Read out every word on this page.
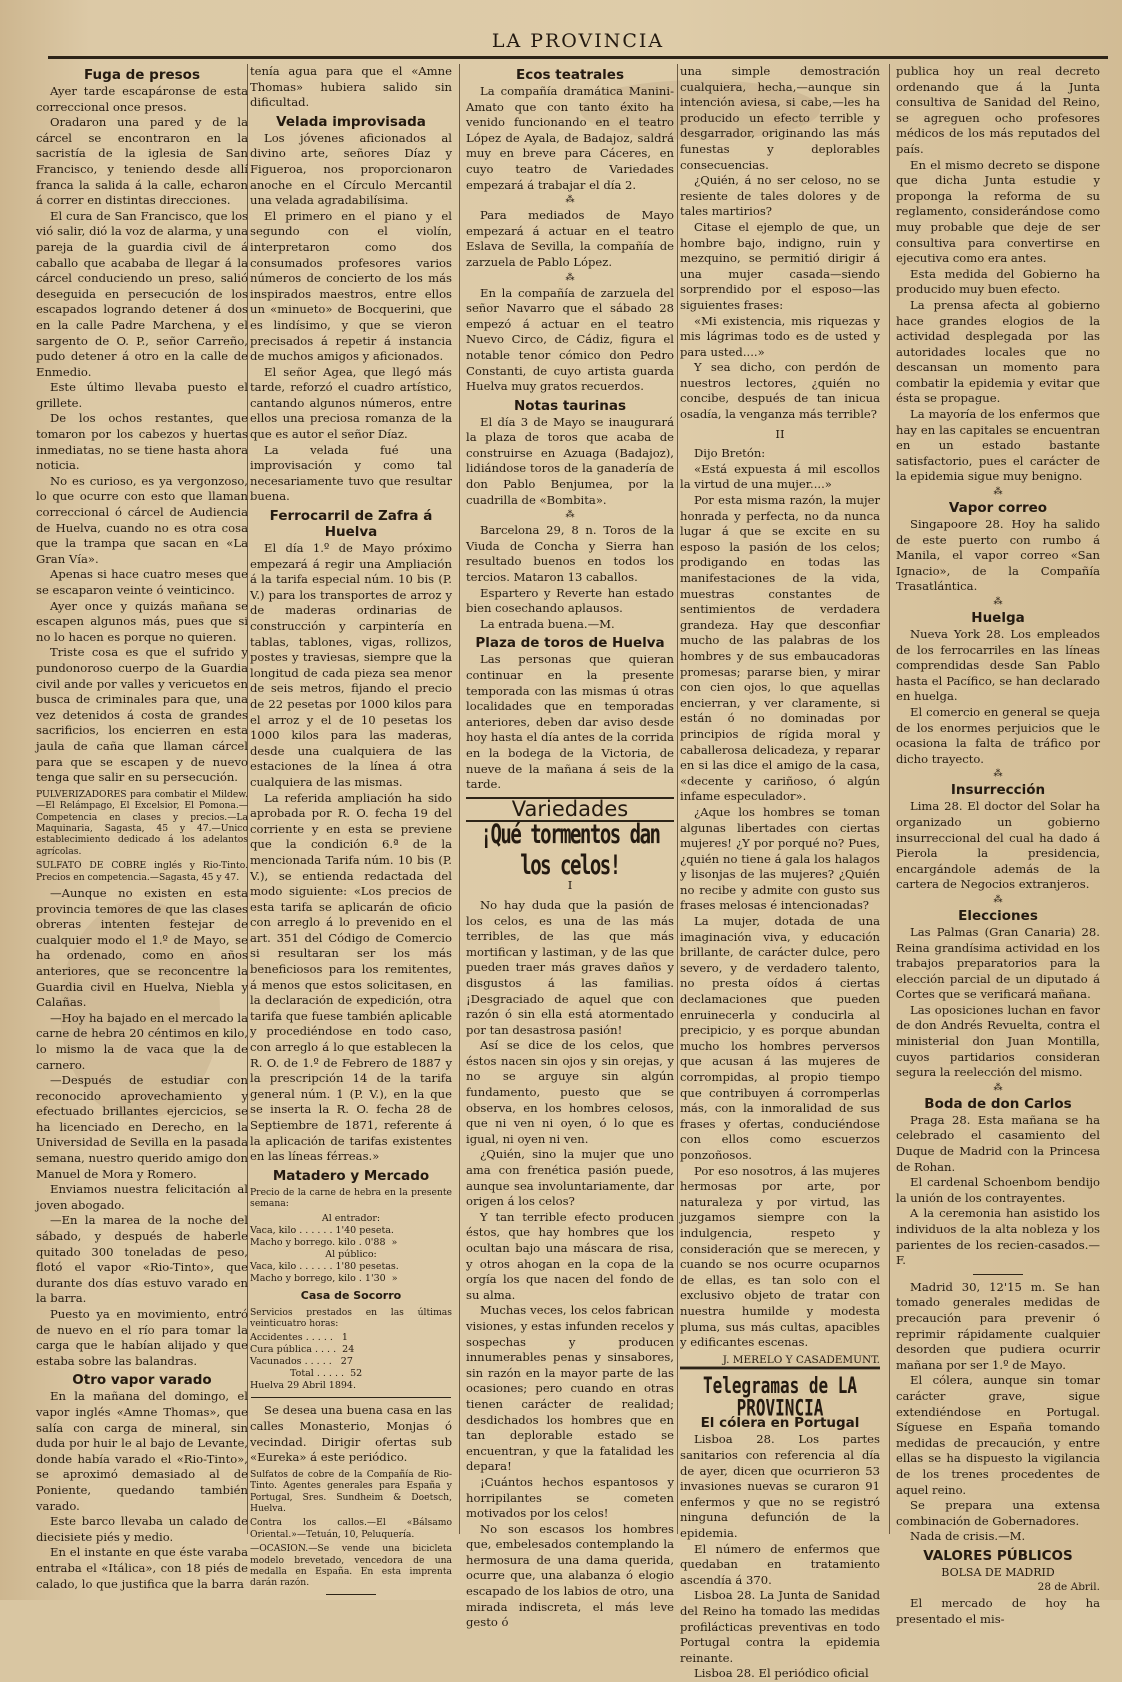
LA PROVINCIA
Fuga de presos

Ayer tarde escapáronse de esta correccional once presos.

Oradaron una pared y de la cárcel se encontraron en la sacristía de la iglesia de San Francisco, y teniendo desde allí franca la salida á la calle, echaron á correr en distintas direcciones.

El cura de San Francisco, que los vió salir, dió la voz de alarma, y una pareja de la guardia civil de á caballo que acababa de llegar á la cárcel conduciendo un preso, salió deseguida en persecución de los escapados logrando detener á dos en la calle Padre Marchena, y el sargento de O. P., señor Carreño, pudo detener á otro en la calle de Enmedio.

Este último llevaba puesto el grillete.

De los ochos restantes, que tomaron por los cabezos y huertas inmediatas, no se tiene hasta ahora noticia.

No es curioso, es ya vergonzoso, lo que ocurre con esto que llaman correccional ó cárcel de Audiencia de Huelva, cuando no es otra cosa que la trampa que sacan en «La Gran Vía».

Apenas si hace cuatro meses que se escaparon veinte ó veinticinco.

Ayer once y quizás mañana se escapen algunos más, pues que si no lo hacen es porque no quieren.

Triste cosa es que el sufrido y pundonoroso cuerpo de la Guardia civil ande por valles y vericuetos en busca de criminales para que, una vez detenidos á costa de grandes sacrificios, los encierren en esta jaula de caña que llaman cárcel para que se escapen y de nuevo tenga que salir en su persecución.

PULVERIZADORES para combatir el Mildew.—El Relámpago, El Excelsior, El Pomona.—Competencia en clases y precios.—La Maquinaria, Sagasta, 45 y 47.—Unico establecimiento dedicado á los adelantos agrícolas.

SULFATO DE COBRE inglés y Rio-Tinto. Precios en competencia.—Sagasta, 45 y 47.

—Aunque no existen en esta provincia temores de que las clases obreras intenten festejar de cualquier modo el 1.º de Mayo, se ha ordenado, como en años anteriores, que se reconcentre la Guardia civil en Huelva, Niebla y Calañas.

—Hoy ha bajado en el mercado la carne de hebra 20 céntimos en kilo, lo mismo la de vaca que la de carnero.

—Después de estudiar con reconocido aprovechamiento y efectuado brillantes ejercicios, se ha licenciado en Derecho, en la Universidad de Sevilla en la pasada semana, nuestro querido amigo don Manuel de Mora y Romero.

Enviamos nuestra felicitación al joven abogado.

—En la marea de la noche del sábado, y después de haberle quitado 300 toneladas de peso, flotó el vapor «Rio-Tinto», que durante dos días estuvo varado en la barra.

Puesto ya en movimiento, entró de nuevo en el río para tomar la carga que le habían alijado y que estaba sobre las balandras.

Otro vapor varado

En la mañana del domingo, el vapor inglés «Amne Thomas», que salía con carga de mineral, sin duda por huir le al bajo de Levante, donde había varado el «Rio-Tinto», se aproximó demasiado al de Poniente, quedando también varado.

Este barco llevaba un calado de diecisiete piés y medio.

En el instante en que éste varaba entraba el «Itálica», con 18 piés de calado, lo que justifica que la barra

tenía agua para que el «Amne Thomas» hubiera salido sin dificultad.

Velada improvisada

Los jóvenes aficionados al divino arte, señores Díaz y Figueroa, nos proporcionaron anoche en el Círculo Mercantil una velada agradabilísima.

El primero en el piano y el segundo con el violín, interpretaron como dos consumados profesores varios números de concierto de los más inspirados maestros, entre ellos un «minueto» de Bocquerini, que es lindísimo, y que se vieron precisados á repetir á instancia de muchos amigos y aficionados.

El señor Agea, que llegó más tarde, reforzó el cuadro artístico, cantando algunos números, entre ellos una preciosa romanza de la que es autor el señor Díaz.

La velada fué una improvisación y como tal necesariamente tuvo que resultar buena.

Ferrocarril de Zafra á Huelva

El día 1.º de Mayo próximo empezará á regir una Ampliación á la tarifa especial núm. 10 bis (P. V.) para los transportes de arroz y de maderas ordinarias de construcción y carpintería en tablas, tablones, vigas, rollizos, postes y traviesas, siempre que la longitud de cada pieza sea menor de seis metros, fijando el precio de 22 pesetas por 1000 kilos para el arroz y el de 10 pesetas los 1000 kilos para las maderas, desde una cualquiera de las estaciones de la línea á otra cualquiera de las mismas.

La referida ampliación ha sido aprobada por R. O. fecha 19 del corriente y en esta se previene que la condición 6.ª de la mencionada Tarifa núm. 10 bis (P. V.), se entienda redactada del modo siguiente: «Los precios de esta tarifa se aplicarán de oficio con arreglo á lo prevenido en el art. 351 del Código de Comercio si resultaran ser los más beneficiosos para los remitentes, á menos que estos solicitasen, en la declaración de expedición, otra tarifa que fuese también aplicable y procediéndose en todo caso, con arreglo á lo que establecen la R. O. de 1.º de Febrero de 1887 y la prescripción 14 de la tarifa general núm. 1 (P. V.), en la que se inserta la R. O. fecha 28 de Septiembre de 1871, referente á la aplicación de tarifas existentes en las líneas férreas.»

Matadero y Mercado

Precio de la carne de hebra en la presente semana:

Al entrador:

Vaca, kilo . . . . . . 1'40 peseta.

Macho y borrego. kilo . 0'88  »

Al público:

Vaca, kilo . . . . . . 1'80 pesetas.

Macho y borrego, kilo . 1'30  »

Casa de Socorro

Servicios prestados en las últimas veinticuatro horas:

Accidentes . . . . .   1

Cura pública . . . .  24

Vacunados . . . . .   27

Total . . . . .  52

Huelva 29 Abril 1894.

Se desea una buena casa en las calles Monasterio, Monjas ó vecindad. Dirigir ofertas sub «Eureka» á este periódico.

Sulfatos de cobre de la Compañía de Rio-Tinto. Agentes generales para España y Portugal, Sres. Sundheim & Doetsch, Huelva.

Contra los callos.—El «Bálsamo Oriental.»—Tetuán, 10, Peluquería.

—OCASION.—Se vende una bicicleta modelo brevetado, vencedora de una medalla en España. En esta imprenta darán razón.

Ecos teatrales

La compañía dramática Manini-Amato que con tanto éxito ha venido funcionando en el teatro López de Ayala, de Badajoz, saldrá muy en breve para Cáceres, en cuyo teatro de Variedades empezará á trabajar el día 2.

⁂

Para mediados de Mayo empezará á actuar en el teatro Eslava de Sevilla, la compañía de zarzuela de Pablo López.

⁂

En la compañía de zarzuela del señor Navarro que el sábado 28 empezó á actuar en el teatro Nuevo Circo, de Cádiz, figura el notable tenor cómico don Pedro Constanti, de cuyo artista guarda Huelva muy gratos recuerdos.

Notas taurinas

El día 3 de Mayo se inaugurará la plaza de toros que acaba de construirse en Azuaga (Badajoz), lidiándose toros de la ganadería de don Pablo Benjumea, por la cuadrilla de «Bombita».

⁂

Barcelona 29, 8 n. Toros de la Viuda de Concha y Sierra han resultado buenos en todos los tercios. Mataron 13 caballos.

Espartero y Reverte han estado bien cosechando aplausos.

La entrada buena.—M.

Plaza de toros de Huelva

Las personas que quieran continuar en la presente temporada con las mismas ú otras localidades que en temporadas anteriores, deben dar aviso desde hoy hasta el día antes de la corrida en la bodega de la Victoria, de nueve de la mañana á seis de la tarde.

Variedades
¡Qué tormentos dan los celos!
I

No hay duda que la pasión de los celos, es una de las más terribles, de las que más mortifican y lastiman, y de las que pueden traer más graves daños y disgustos á las familias. ¡Desgraciado de aquel que con razón ó sin ella está atormentado por tan desastrosa pasión!

Así se dice de los celos, que éstos nacen sin ojos y sin orejas, y no se arguye sin algún fundamento, puesto que se observa, en los hombres celosos, que ni ven ni oyen, ó lo que es igual, ni oyen ni ven.

¿Quién, sino la mujer que uno ama con frenética pasión puede, aunque sea involuntariamente, dar origen á los celos?

Y tan terrible efecto producen éstos, que hay hombres que los ocultan bajo una máscara de risa, y otros ahogan en la copa de la orgía los que nacen del fondo de su alma.

Muchas veces, los celos fabrican visiones, y estas infunden recelos y sospechas y producen innumerables penas y sinsabores, sin razón en la mayor parte de las ocasiones; pero cuando en otras tienen carácter de realidad; desdichados los hombres que en tan deplorable estado se encuentran, y que la fatalidad les depara!

¡Cuántos hechos espantosos y horripilantes se cometen motivados por los celos!

No son escasos los hombres que, embelesados contemplando la hermosura de una dama querida, ocurre que, una alabanza ó elogio escapado de los labios de otro, una mirada indiscreta, el más leve gesto ó

una simple demostración cualquiera, hecha,—aunque sin intención aviesa, si cabe,—les ha producido un efecto terrible y desgarrador, originando las más funestas y deplorables consecuencias.

¿Quién, á no ser celoso, no se resiente de tales dolores y de tales martirios?

Citase el ejemplo de que, un hombre bajo, indigno, ruin y mezquino, se permitió dirigir á una mujer casada—siendo sorprendido por el esposo—las siguientes frases:

«Mi existencia, mis riquezas y mis lágrimas todo es de usted y para usted....»

Y sea dicho, con perdón de nuestros lectores, ¿quién no concibe, después de tan inicua osadía, la venganza más terrible?

II

Dijo Bretón:

«Está expuesta á mil escollos la virtud de una mujer....»

Por esta misma razón, la mujer honrada y perfecta, no da nunca lugar á que se excite en su esposo la pasión de los celos; prodigando en todas las manifestaciones de la vida, muestras constantes de sentimientos de verdadera grandeza. Hay que desconfiar mucho de las palabras de los hombres y de sus embaucadoras promesas; pararse bien, y mirar con cien ojos, lo que aquellas encierran, y ver claramente, si están ó no dominadas por principios de rígida moral y caballerosa delicadeza, y reparar en si las dice el amigo de la casa, «decente y cariñoso, ó algún infame especulador».

¿Aque los hombres se toman algunas libertades con ciertas mujeres! ¿Y por porqué no? Pues, ¿quién no tiene á gala los halagos y lisonjas de las mujeres? ¿Quién no recibe y admite con gusto sus frases melosas é intencionadas?

La mujer, dotada de una imaginación viva, y educación brillante, de carácter dulce, pero severo, y de verdadero talento, no presta oídos á ciertas declamaciones que pueden enruinecerla y conducirla al precipicio, y es porque abundan mucho los hombres perversos que acusan á las mujeres de corrompidas, al propio tiempo que contribuyen á corromperlas más, con la inmoralidad de sus frases y ofertas, conduciéndose con ellos como escuerzos ponzoñosos.

Por eso nosotros, á las mujeres hermosas por arte, por naturaleza y por virtud, las juzgamos siempre con la indulgencia, respeto y consideración que se merecen, y cuando se nos ocurre ocuparnos de ellas, es tan solo con el exclusivo objeto de tratar con nuestra humilde y modesta pluma, sus más cultas, apacibles y edificantes escenas.

J. MERELO Y CASADEMUNT.

Telegramas de LA PROVINCIA
El cólera en Portugal

Lisboa 28. Los partes sanitarios con referencia al día de ayer, dicen que ocurrieron 53 invasiones nuevas se curaron 91 enfermos y que no se registró ninguna defunción de la epidemia.

El número de enfermos que quedaban en tratamiento ascendía á 370.

Lisboa 28. La Junta de Sanidad del Reino ha tomado las medidas profilácticas preventivas en todo Portugal contra la epidemia reinante.

Lisboa 28. El periódico oficial

publica hoy un real decreto ordenando que á la Junta consultiva de Sanidad del Reino, se agreguen ocho profesores médicos de los más reputados del país.

En el mismo decreto se dispone que dicha Junta estudie y proponga la reforma de su reglamento, considerándose como muy probable que deje de ser consultiva para convertirse en ejecutiva como era antes.

Esta medida del Gobierno ha producido muy buen efecto.

La prensa afecta al gobierno hace grandes elogios de la actividad desplegada por las autoridades locales que no descansan un momento para combatir la epidemia y evitar que ésta se propague.

La mayoría de los enfermos que hay en las capitales se encuentran en un estado bastante satisfactorio, pues el carácter de la epidemia sigue muy benigno.

⁂
Vapor correo

Singapoore 28. Hoy ha salido de este puerto con rumbo á Manila, el vapor correo «San Ignacio», de la Compañía Trasatlántica.

⁂
Huelga

Nueva York 28. Los empleados de los ferrocarriles en las líneas comprendidas desde San Pablo hasta el Pacífico, se han declarado en huelga.

El comercio en general se queja de los enormes perjuicios que le ocasiona la falta de tráfico por dicho trayecto.

⁂
Insurrección

Lima 28. El doctor del Solar ha organizado un gobierno insurreccional del cual ha dado á Pierola la presidencia, encargándole además de la cartera de Negocios extranjeros.

⁂
Elecciones

Las Palmas (Gran Canaria) 28. Reina grandísima actividad en los trabajos preparatorios para la elección parcial de un diputado á Cortes que se verificará mañana.

Las oposiciones luchan en favor de don Andrés Revuelta, contra el ministerial don Juan Montilla, cuyos partidarios consideran segura la reelección del mismo.

⁂
Boda de don Carlos

Praga 28. Esta mañana se ha celebrado el casamiento del Duque de Madrid con la Princesa de Rohan.

El cardenal Schoenbom bendijo la unión de los contrayentes.

A la ceremonia han asistido los individuos de la alta nobleza y los parientes de los recien-casados.—F.

Madrid 30, 12'15 m. Se han tomado generales medidas de precaución para prevenir ó reprimir rápidamente cualquier desorden que pudiera ocurrir mañana por ser 1.º de Mayo.

El cólera, aunque sin tomar carácter grave, sigue extendiéndose en Portugal. Síguese en España tomando medidas de precaución, y entre ellas se ha dispuesto la vigilancia de los trenes procedentes de aquel reino.

Se prepara una extensa combinación de Gobernadores.

Nada de crisis.—M.

VALORES PÚBLICOS
BOLSA DE MADRID
28 de Abril.

El mercado de hoy ha presentado el mis-
